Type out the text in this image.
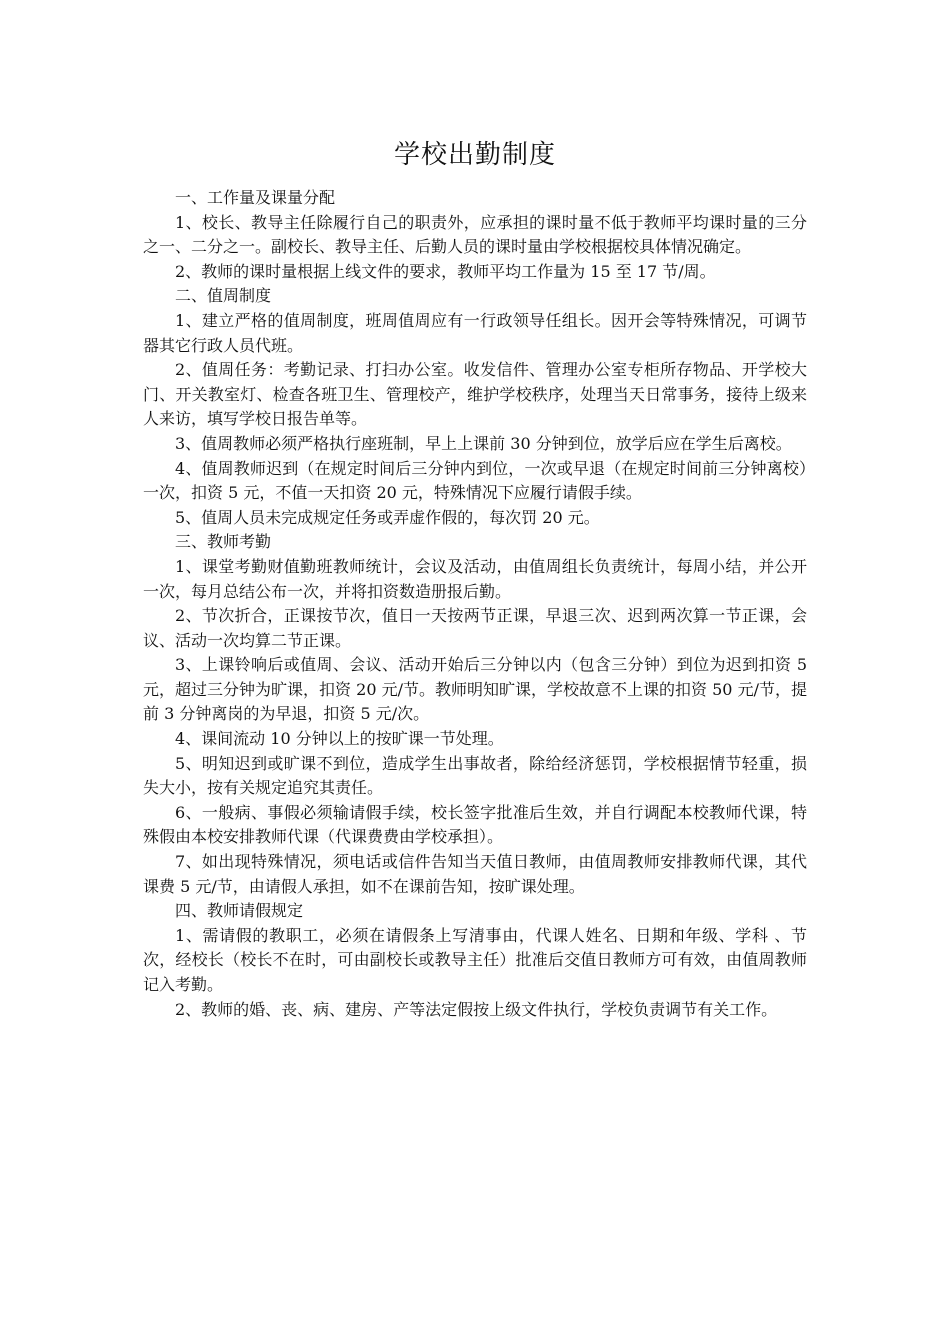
学校出勤制度

一、工作量及课量分配

1、校长、教导主任除履行自己的职责外，应承担的课时量不低于教师平均课时量的三分之一、二分之一。副校长、教导主任、后勤人员的课时量由学校根据校具体情况确定。

2、教师的课时量根据上线文件的要求，教师平均工作量为 15 至 17 节/周。

二、值周制度

1、建立严格的值周制度，班周值周应有一行政领导任组长。因开会等特殊情况，可调节器其它行政人员代班。

2、值周任务：考勤记录、打扫办公室。收发信件、管理办公室专柜所存物品、开学校大门、开关教室灯、检查各班卫生、管理校产，维护学校秩序，处理当天日常事务，接待上级来人来访，填写学校日报告单等。

3、值周教师必须严格执行座班制，早上上课前 30 分钟到位，放学后应在学生后离校。

4、值周教师迟到（在规定时间后三分钟内到位，一次或早退（在规定时间前三分钟离校）一次，扣资 5 元，不值一天扣资 20 元，特殊情况下应履行请假手续。

5、值周人员未完成规定任务或弄虚作假的，每次罚 20 元。

三、教师考勤

1、课堂考勤财值勤班教师统计，会议及活动，由值周组长负责统计，每周小结，并公开一次，每月总结公布一次，并将扣资数造册报后勤。

2、节次折合，正课按节次，值日一天按两节正课，早退三次、迟到两次算一节正课，会议、活动一次均算二节正课。

3、上课铃响后或值周、会议、活动开始后三分钟以内（包含三分钟）到位为迟到扣资 5 元，超过三分钟为旷课，扣资 20 元/节。教师明知旷课，学校故意不上课的扣资 50 元/节，提前 3 分钟离岗的为早退，扣资 5 元/次。

4、课间流动 10 分钟以上的按旷课一节处理。

5、明知迟到或旷课不到位，造成学生出事故者，除给经济惩罚，学校根据情节轻重，损失大小，按有关规定追究其责任。

6、一般病、事假必须输请假手续，校长签字批准后生效，并自行调配本校教师代课，特殊假由本校安排教师代课（代课费费由学校承担）。

7、如出现特殊情况，须电话或信件告知当天值日教师，由值周教师安排教师代课，其代课费 5 元/节，由请假人承担，如不在课前告知，按旷课处理。

四、教师请假规定

1、需请假的教职工，必须在请假条上写清事由，代课人姓名、日期和年级、学科 、节次，经校长（校长不在时，可由副校长或教导主任）批准后交值日教师方可有效，由值周教师记入考勤。

2、教师的婚、丧、病、建房、产等法定假按上级文件执行，学校负责调节有关工作。
